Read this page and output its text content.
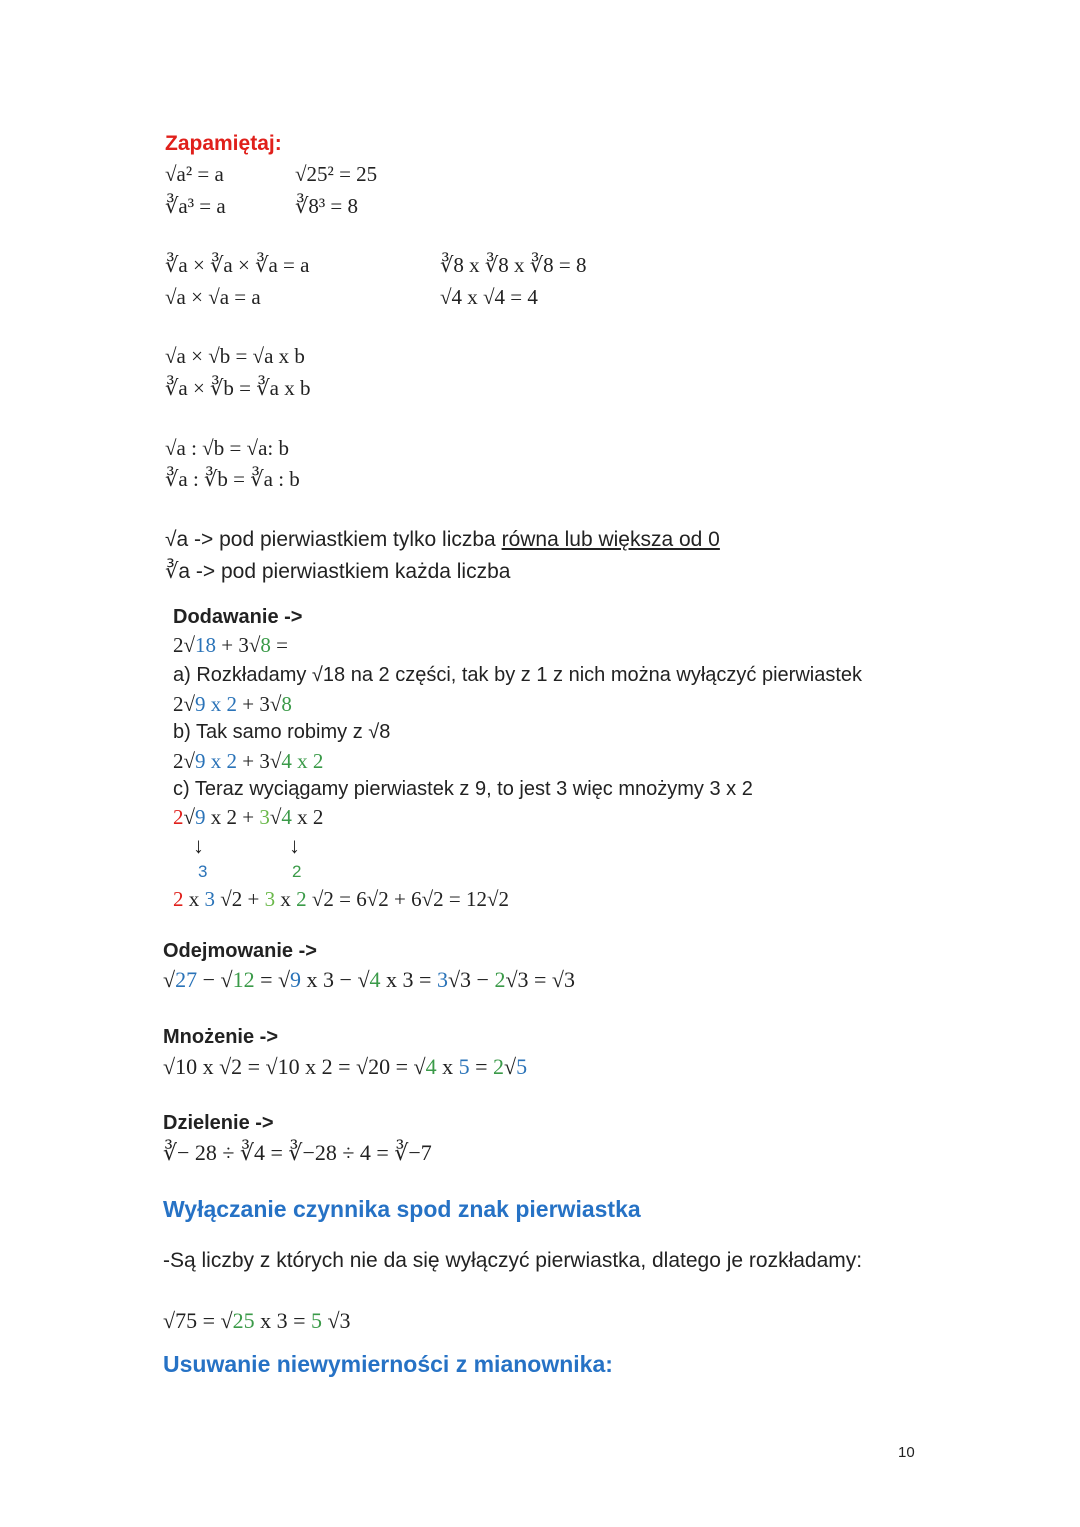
Zapamiętaj:
√a² = a	√25² = 25
∛a³ = a	∛8³ = 8
∛a × ∛a × ∛a = a	∛8 x ∛8 x ∛8 = 8
√a × √a = a	√4 x √4 = 4
√a × √b = √a x b
∛a × ∛b = ∛a x b
√a : √b = √a: b
∛a : ∛b = ∛a : b
√a -> pod pierwiastkiem tylko liczba równa lub większa od 0
∛a -> pod pierwiastkiem każda liczba
Dodawanie ->
2√18 + 3√8 =
a) Rozkładamy √18 na 2 części, tak by z 1 z nich można wyłączyć pierwiastek
2√9 x 2 + 3√8
b) Tak samo robimy z √8
2√9 x 2 + 3√4 x 2
c) Teraz wyciągamy pierwiastek z 9, to jest 3 więc mnożymy 3 x 2
2√9 x 2 + 3√4 x 2
↓	↓
3	2
2 x 3 √2 + 3 x 2 √2 = 6√2 + 6√2 = 12√2
Odejmowanie ->
√27 − √12 = √9 x 3 − √4 x 3 = 3√3 − 2√3 = √3
Mnożenie ->
√10 x √2 = √10 x 2 = √20 = √4 x 5 = 2√5
Dzielenie ->
∛− 28 ÷ ∛4 = ∛−28 ÷ 4 = ∛−7
Wyłączanie czynnika spod znak pierwiastka
-Są liczby z których nie da się wyłączyć pierwiastka, dlatego je rozkładamy:
√75 = √25 x 3 = 5 √3
Usuwanie niewymierności z mianownika:
10
